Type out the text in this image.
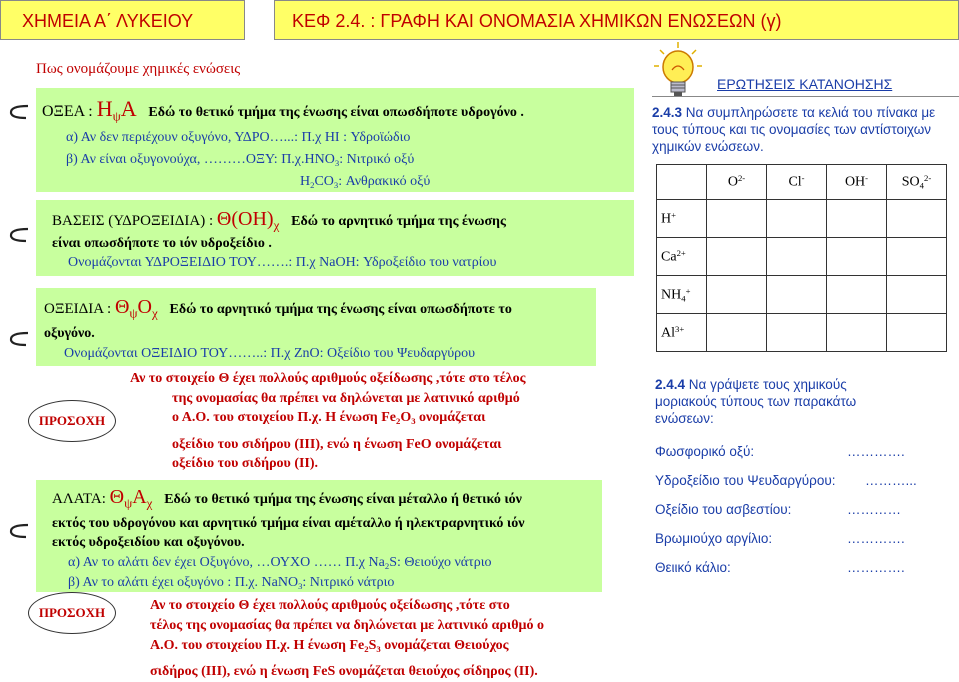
ΧΗΜΕΙΑ Α΄ ΛΥΚΕΙΟΥ	ΚΕΦ 2.4. : ΓΡΑΦΗ ΚΑΙ ΟΝΟΜΑΣΙΑ ΧΗΜΙΚΩΝ ΕΝΩΣΕΩΝ (γ)
Πως ονομάζουμε χημικές ενώσεις
ΟΞΕΑ : HψA Εδώ το θετικό τμήμα της ένωσης είναι οπωσδήποτε υδρογόνο .
α) Αν δεν περιέχουν οξυγόνο, ΥΔΡΟ…...: Π.χ HI : Υδροϊώδιο
β) Αν είναι οξυγονούχα, ………ΟΞΥ: $\Pi.\chi.HNO_3$: Νιτρικό οξύ
$H_2CO_3$: Ανθρακικό οξύ
ΒΑΣΕΙΣ (ΥΔΡΟΞΕΙΔΙΑ) : Θ(ΟΗ)χ Εδώ το αρνητικό τμήμα της ένωσης
είναι οπωσδήποτε το ιόν υδροξείδιο .
Ονομάζονται ΥΔΡΟΞΕΙΔΙΟ ΤΟΥ…….: Π.χ NaOH: Υδροξείδιο του νατρίου
ΟΞΕΙΔΙΑ : ΘψΟχ Εδώ το αρνητικό τμήμα της ένωσης είναι οπωσδήποτε το
οξυγόνο.
Ονομάζονται ΟΞΕΙΔΙΟ ΤΟΥ……..: Π.χ ZnO: Οξείδιο του Ψευδαργύρου
ΠΡΟΣΟΧΗ
Αν το στοιχείο Θ έχει πολλούς αριθμούς οξείδωσης ,τότε στο τέλος
της ονομασίας θα πρέπει να δηλώνεται με λατινικό αριθμό
ο Α.Ο. του στοιχείου Π.χ. Η ένωση $Fe_2O_3$ ονομάζεται
οξείδιο του σιδήρου (ΙΙΙ), ενώ η ένωση FeO ονομάζεται
οξείδιο του σιδήρου (ΙΙ).
ΑΛΑΤΑ: ΘψΑχ Εδώ το θετικό τμήμα της ένωσης είναι μέταλλο ή θετικό ιόν
εκτός του υδρογόνου και αρνητικό τμήμα είναι αμέταλλο ή ηλεκτραρνητικό ιόν
εκτός υδροξειδίου και οξυγόνου.
α) Αν το αλάτι δεν έχει Οξυγόνο, …ΟΥΧΟ …… Π.χ $Na_2S$: Θειούχο νάτριο
β) Αν το αλάτι έχει οξυγόνο : Π.χ. NaNO$_3$: Νιτρικό νάτριο
ΠΡΟΣΟΧΗ	Αν το στοιχείο Θ έχει πολλούς αριθμούς οξείδωσης ,τότε στο
τέλος της ονομασίας θα πρέπει να δηλώνεται με λατινικό αριθμό ο
Α.Ο. του στοιχείου Π.χ. Η ένωση $Fe_2S_3$ ονομάζεται Θειούχος
σιδήρος (ΙΙΙ), ενώ η ένωση FeS ονομάζεται θειούχος σίδηρος (ΙΙ).
ΕΡΩΤΗΣΕΙΣ ΚΑΤΑΝΟΗΣΗΣ
2.4.3 Να συμπληρώσετε τα κελιά του πίνακα με τους τύπους και τις ονομασίες των αντίστοιχων χημικών ενώσεων.
	$O^{2-}$	Cl-	OH-	$SO_4^{2-}$
H+				
$Ca^{2+}$				
$NH_4^+$				
$Al^{3+}$				
2.4.4 Να γράψετε τους χημικούς μοριακούς τύπους των παρακάτω ενώσεων:
Φωσφορικό οξύ:	………….
Υδροξείδιο του Ψευδαργύρου: ………...
Οξείδιο του ασβεστίου:	…………
Βρωμιούχο αργίλιο:	………….
Θειικό κάλιο:	………….
